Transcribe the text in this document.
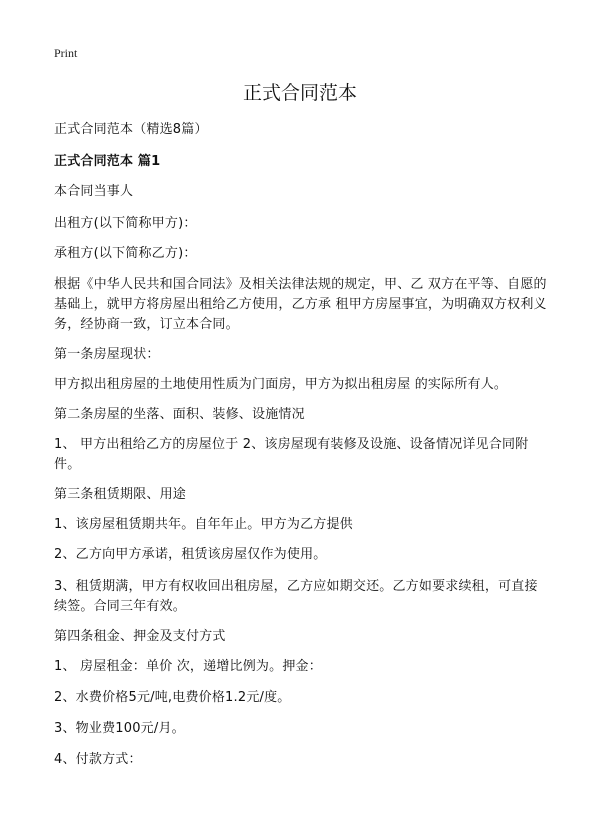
Print
正式合同范本

正式合同范本（精选8篇）

正式合同范本 篇1

本合同当事人

出租方(以下简称甲方)：

承租方(以下简称乙方)：

根据《中华人民共和国合同法》及相关法律法规的规定，甲、乙 双方在平等、自愿的基础上，就甲方将房屋出租给乙方使用，乙方承 租甲方房屋事宜，为明确双方权利义务，经协商一致，订立本合同。

第一条房屋现状：

甲方拟出租房屋的土地使用性质为门面房，甲方为拟出租房屋 的实际所有人。

第二条房屋的坐落、面积、装修、设施情况

1、 甲方出租给乙方的房屋位于 2、该房屋现有装修及设施、设备情况详见合同附件。

第三条租赁期限、用途

1、该房屋租赁期共年。自年年止。甲方为乙方提供

2、乙方向甲方承诺，租赁该房屋仅作为使用。

3、租赁期满，甲方有权收回出租房屋，乙方应如期交还。乙方如要求续租，可直接续签。合同三年有效。

第四条租金、押金及支付方式

1、 房屋租金：单价 次，递增比例为。押金：

2、水费价格5元/吨,电费价格1.2元/度。

3、物业费100元/月。

4、付款方式：
